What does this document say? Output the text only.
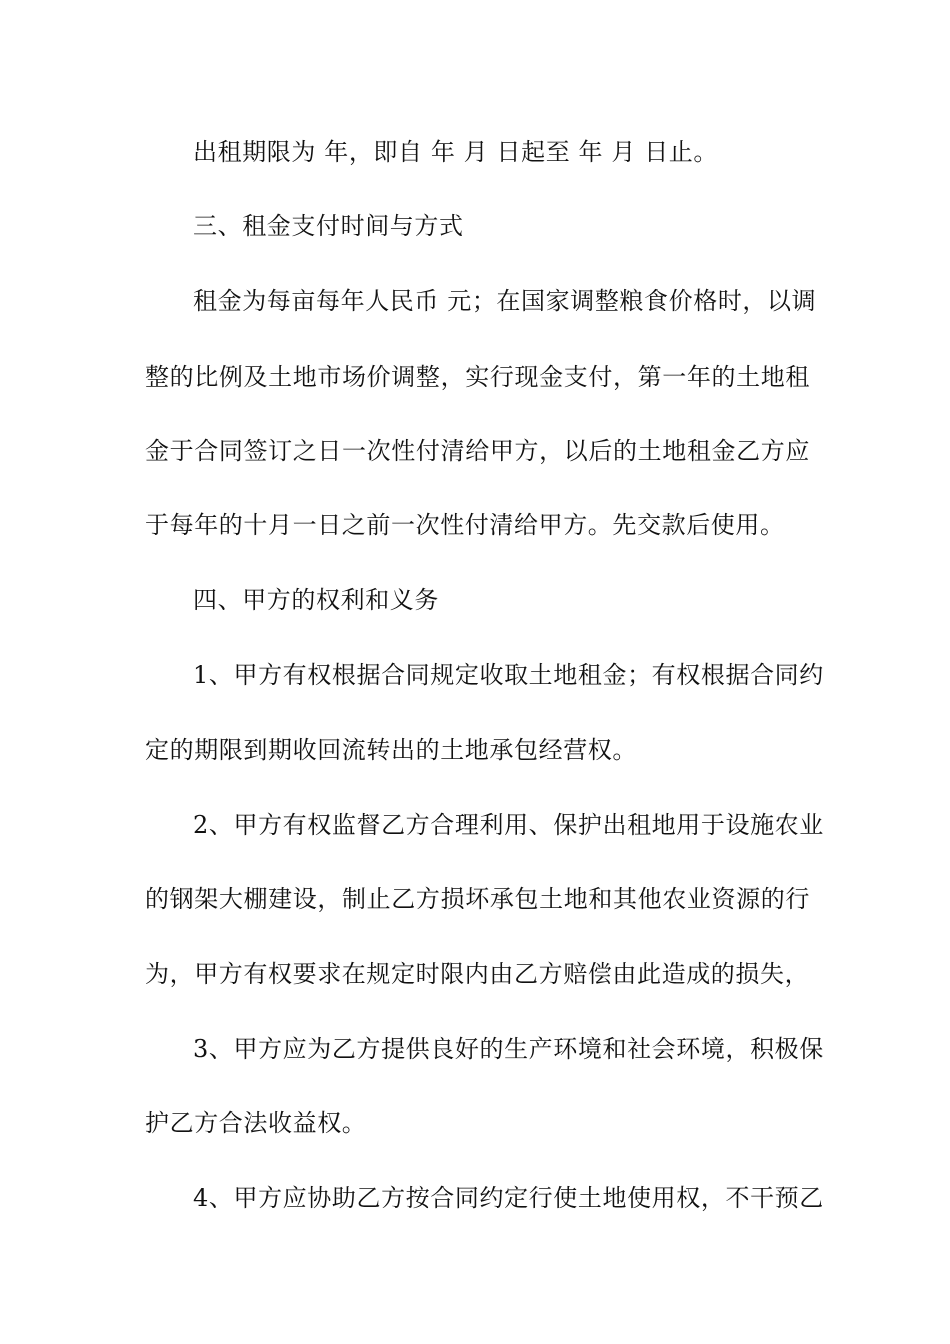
出租期限为 年，即自 年 月 日起至 年 月 日止。
三、租金支付时间与方式
租金为每亩每年人民币 元；在国家调整粮食价格时，以调
整的比例及土地市场价调整，实行现金支付，第一年的土地租
金于合同签订之日一次性付清给甲方，以后的土地租金乙方应
于每年的十月一日之前一次性付清给甲方。先交款后使用。
四、甲方的权利和义务
1、甲方有权根据合同规定收取土地租金；有权根据合同约
定的期限到期收回流转出的土地承包经营权。
2、甲方有权监督乙方合理利用、保护出租地用于设施农业
的钢架大棚建设，制止乙方损坏承包土地和其他农业资源的行
为，甲方有权要求在规定时限内由乙方赔偿由此造成的损失，
3、甲方应为乙方提供良好的生产环境和社会环境，积极保
护乙方合法收益权。
4、甲方应协助乙方按合同约定行使土地使用权，不干预乙
